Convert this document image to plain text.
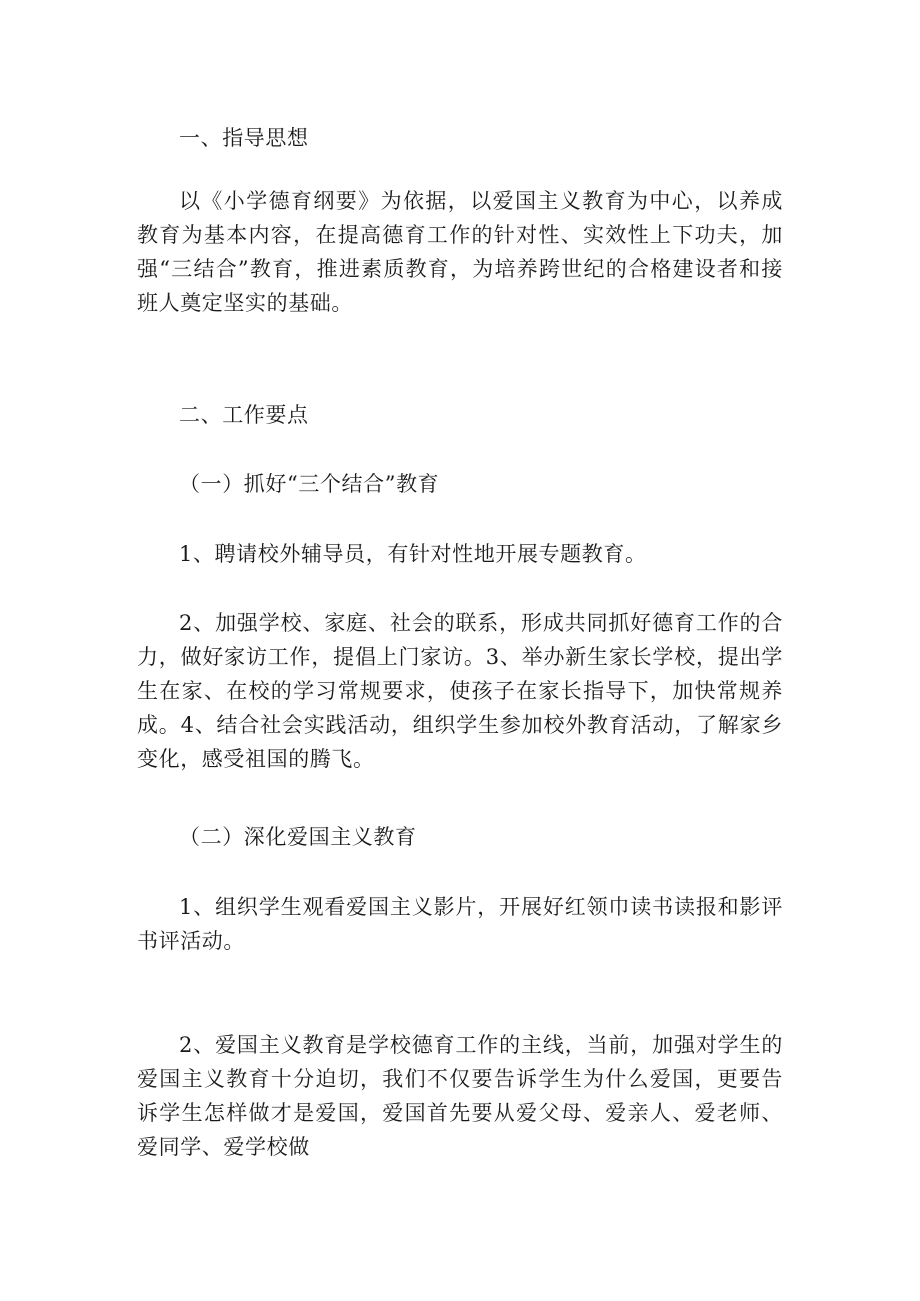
一、指导思想

以《小学德育纲要》为依据，以爱国主义教育为中心，以养成教育为基本内容，在提高德育工作的针对性、实效性上下功夫，加强“三结合”教育，推进素质教育，为培养跨世纪的合格建设者和接班人奠定坚实的基础。

二、工作要点

（一）抓好“三个结合”教育

1、聘请校外辅导员，有针对性地开展专题教育。

2、加强学校、家庭、社会的联系，形成共同抓好德育工作的合力，做好家访工作，提倡上门家访。3、举办新生家长学校，提出学生在家、在校的学习常规要求，使孩子在家长指导下，加快常规养成。4、结合社会实践活动，组织学生参加校外教育活动，了解家乡变化，感受祖国的腾飞。

（二）深化爱国主义教育

1、组织学生观看爱国主义影片，开展好红领巾读书读报和影评书评活动。

2、爱国主义教育是学校德育工作的主线，当前，加强对学生的爱国主义教育十分迫切，我们不仅要告诉学生为什么爱国，更要告诉学生怎样做才是爱国，爱国首先要从爱父母、爱亲人、爱老师、爱同学、爱学校做
